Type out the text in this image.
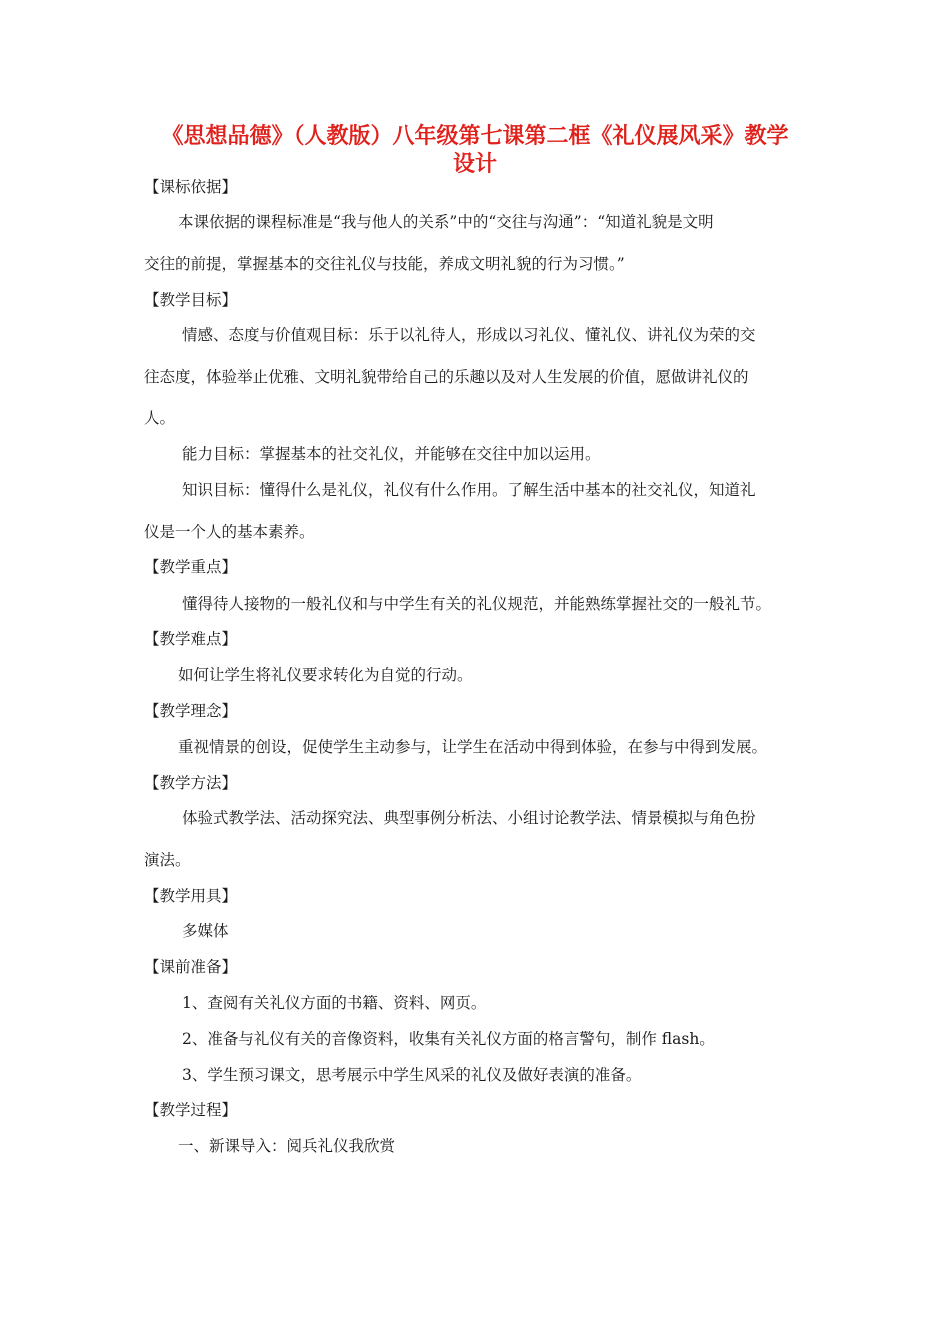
《思想品德》（人教版）八年级第七课第二框《礼仪展风采》教学
设计
【课标依据】
本课依据的课程标准是“我与他人的关系”中的“交往与沟通”：“知道礼貌是文明
交往的前提，掌握基本的交往礼仪与技能，养成文明礼貌的行为习惯。”
【教学目标】
情感、态度与价值观目标：乐于以礼待人，形成以习礼仪、懂礼仪、讲礼仪为荣的交
往态度，体验举止优雅、文明礼貌带给自己的乐趣以及对人生发展的价值，愿做讲礼仪的
人。
能力目标：掌握基本的社交礼仪，并能够在交往中加以运用。
知识目标：懂得什么是礼仪，礼仪有什么作用。了解生活中基本的社交礼仪，知道礼
仪是一个人的基本素养。
【教学重点】
懂得待人接物的一般礼仪和与中学生有关的礼仪规范，并能熟练掌握社交的一般礼节。
【教学难点】
如何让学生将礼仪要求转化为自觉的行动。
【教学理念】
重视情景的创设，促使学生主动参与，让学生在活动中得到体验，在参与中得到发展。
【教学方法】
体验式教学法、活动探究法、典型事例分析法、小组讨论教学法、情景模拟与角色扮
演法。
【教学用具】
多媒体
【课前准备】
1、查阅有关礼仪方面的书籍、资料、网页。
2、准备与礼仪有关的音像资料，收集有关礼仪方面的格言警句，制作 flash。
3、学生预习课文，思考展示中学生风采的礼仪及做好表演的准备。
【教学过程】
一、新课导入：阅兵礼仪我欣赏
